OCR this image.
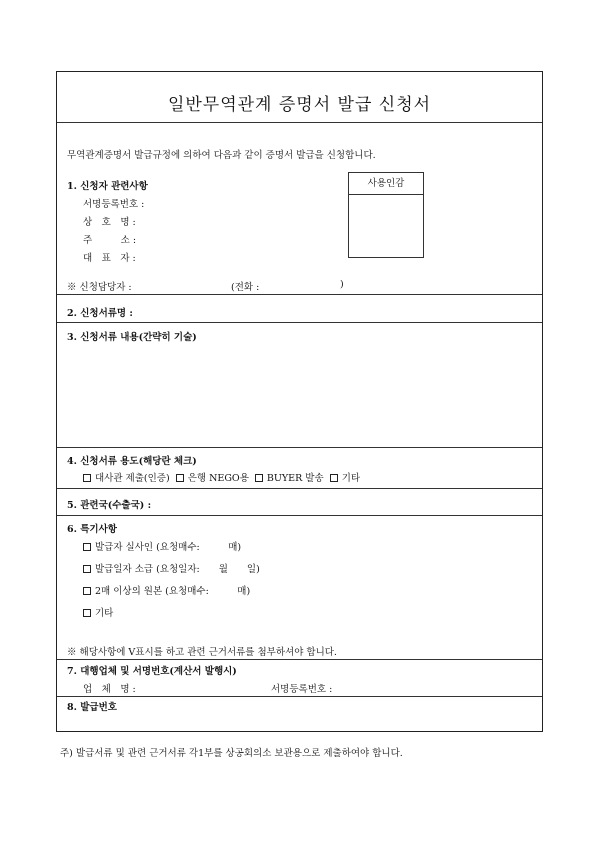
일반무역관계 증명서 발급 신청서
무역관계증명서 발급규정에 의하여 다음과 같이 증명서 발급을 신청합니다.
1. 신청자 관련사항
서명등록번호 :
상　호　명 :
주　　　소 :
대　표　자 :
사용인감
※ 신청담당자 :	(전화 :	)
2. 신청서류명 :
3. 신청서류 내용(간략히 기술)
4. 신청서류 용도(해당란 체크)
대사관 제출(인증) 은행 NEGO용 BUYER 발송 기타
5. 관련국(수출국) :
6. 특기사항
발급자 실사인 (요청매수:　　　매)
발급일자 소급 (요청일자:　　월　　일)
2매 이상의 원본 (요청매수:　　　매)
기타
※ 해당사항에 V표시를 하고 관련 근거서류를 첨부하셔야 합니다.
7. 대행업체 및 서명번호(계산서 발행시)
업　체　명 :	서명등록번호 :
8. 발급번호
주) 발급서류 및 관련 근거서류 각1부를 상공회의소 보관용으로 제출하여야 합니다.
